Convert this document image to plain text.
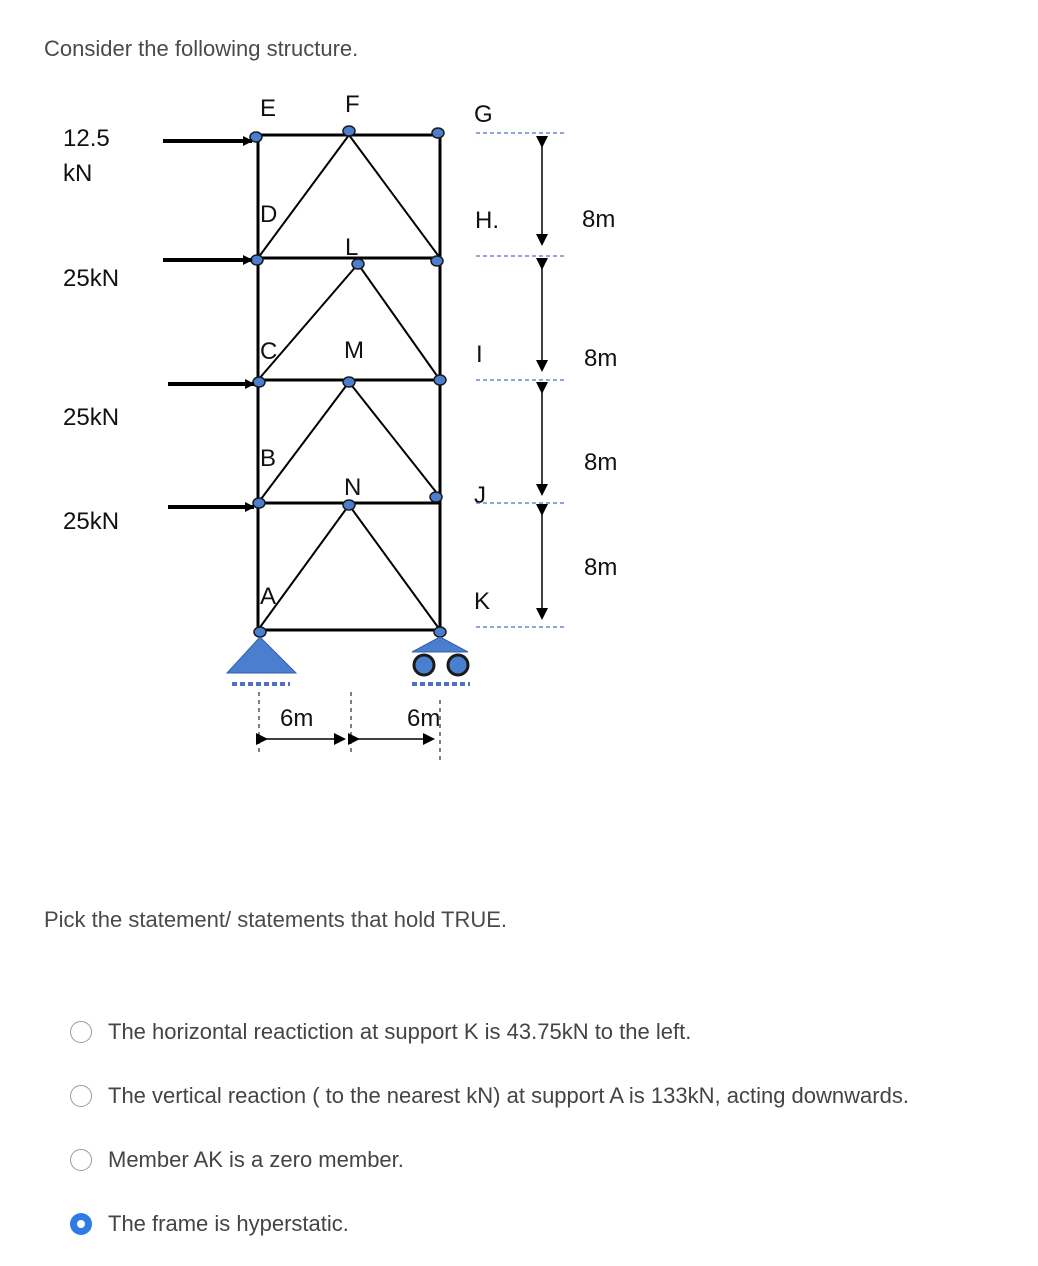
Consider the following structure.
12.5
kN
25kN
25kN
25kN
E	F	G
D	H.
L
C	M	I
B
N	J
A	K
8m
8m
8m
8m
6m	6m

Pick the statement/ statements that hold TRUE.

The horizontal reactiction at support K is 43.75kN to the left.
The vertical reaction ( to the nearest kN) at support A is 133kN, acting downwards.
Member AK is a zero member.
The frame is hyperstatic.
